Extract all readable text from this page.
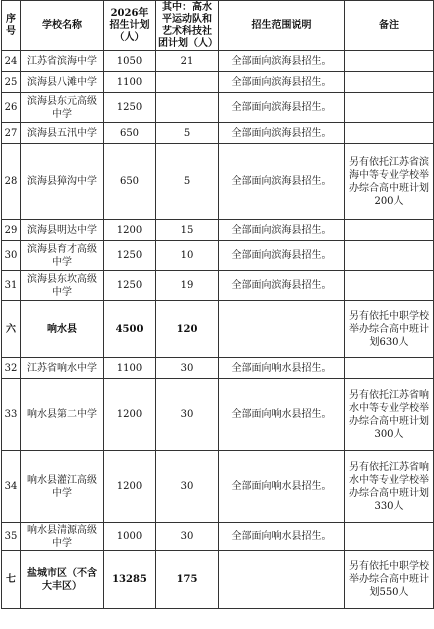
序号	学校名称	2026年招生计划（人）	其中：高水平运动队和艺术科技社团计划（人）	招生范围说明	备注
24	江苏省滨海中学	1050	21	全部面向滨海县招生。	
25	滨海县八滩中学	1100		全部面向滨海县招生。	
26	滨海县东元高级中学	1250		全部面向滨海县招生。	
27	滨海县五汛中学	650	5	全部面向滨海县招生。	
28	滨海县獐沟中学	650	5	全部面向滨海县招生。	另有依托江苏省滨海中等专业学校举办综合高中班计划200人
29	滨海县明达中学	1200	15	全部面向滨海县招生。	
30	滨海县育才高级中学	1250	10	全部面向滨海县招生。	
31	滨海县东坎高级中学	1250	19	全部面向滨海县招生。	
六	响水县	4500	120		另有依托中职学校举办综合高中班计划630人
32	江苏省响水中学	1100	30	全部面向响水县招生。	
33	响水县第二中学	1200	30	全部面向响水县招生。	另有依托江苏省响水中等专业学校举办综合高中班计划300人
34	响水县灌江高级中学	1200	30	全部面向响水县招生。	另有依托江苏省响水中等专业学校举办综合高中班计划330人
35	响水县清源高级中学	1000	30	全部面向响水县招生。	
七	盐城市区（不含大丰区）	13285	175		另有依托中职学校举办综合高中班计划550人
